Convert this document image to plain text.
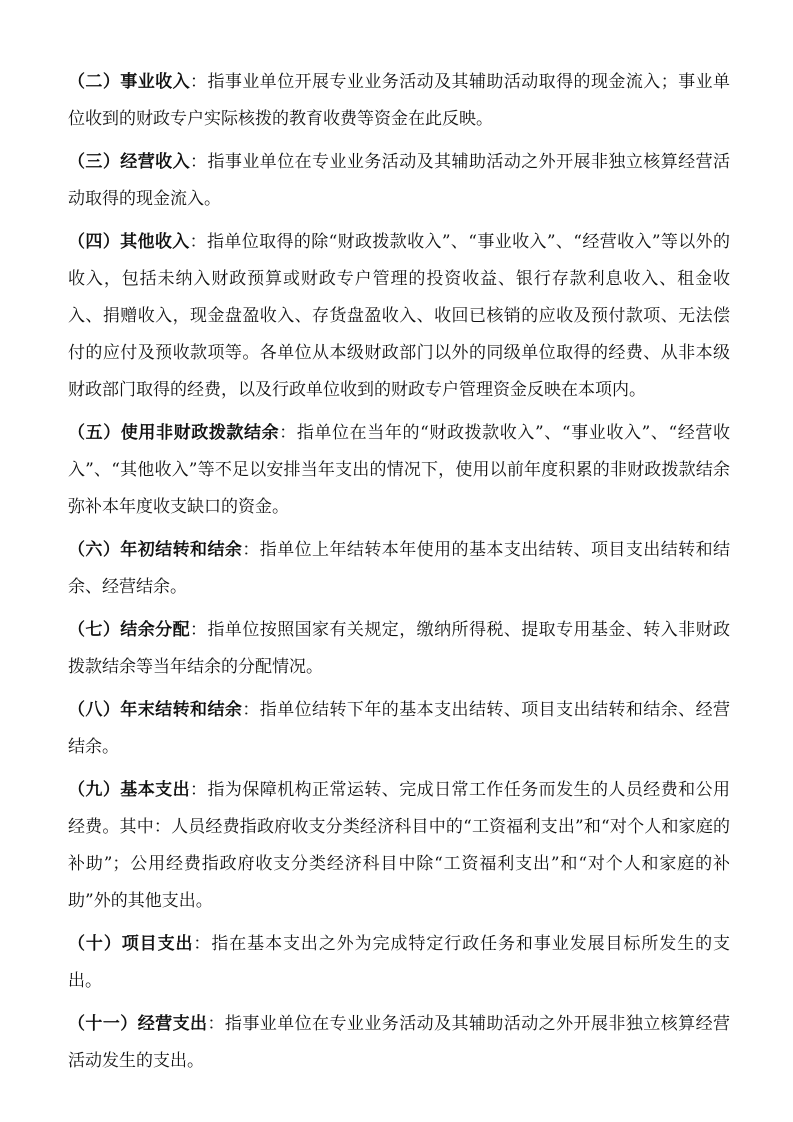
（二）事业收入：指事业单位开展专业业务活动及其辅助活动取得的现金流入；事业单位收到的财政专户实际核拨的教育收费等资金在此反映。

（三）经营收入：指事业单位在专业业务活动及其辅助活动之外开展非独立核算经营活动取得的现金流入。

（四）其他收入：指单位取得的除“财政拨款收入”、“事业收入”、“经营收入”等以外的收入，包括未纳入财政预算或财政专户管理的投资收益、银行存款利息收入、租金收入、捐赠收入，现金盘盈收入、存货盘盈收入、收回已核销的应收及预付款项、无法偿付的应付及预收款项等。各单位从本级财政部门以外的同级单位取得的经费、从非本级财政部门取得的经费，以及行政单位收到的财政专户管理资金反映在本项内。

（五）使用非财政拨款结余：指单位在当年的“财政拨款收入”、“事业收入”、“经营收入”、“其他收入”等不足以安排当年支出的情况下，使用以前年度积累的非财政拨款结余弥补本年度收支缺口的资金。

（六）年初结转和结余：指单位上年结转本年使用的基本支出结转、项目支出结转和结余、经营结余。

（七）结余分配：指单位按照国家有关规定，缴纳所得税、提取专用基金、转入非财政拨款结余等当年结余的分配情况。

（八）年末结转和结余：指单位结转下年的基本支出结转、项目支出结转和结余、经营结余。

（九）基本支出：指为保障机构正常运转、完成日常工作任务而发生的人员经费和公用经费。其中：人员经费指政府收支分类经济科目中的“工资福利支出”和“对个人和家庭的补助”；公用经费指政府收支分类经济科目中除“工资福利支出”和“对个人和家庭的补助”外的其他支出。

（十）项目支出：指在基本支出之外为完成特定行政任务和事业发展目标所发生的支出。

（十一）经营支出：指事业单位在专业业务活动及其辅助活动之外开展非独立核算经营活动发生的支出。
